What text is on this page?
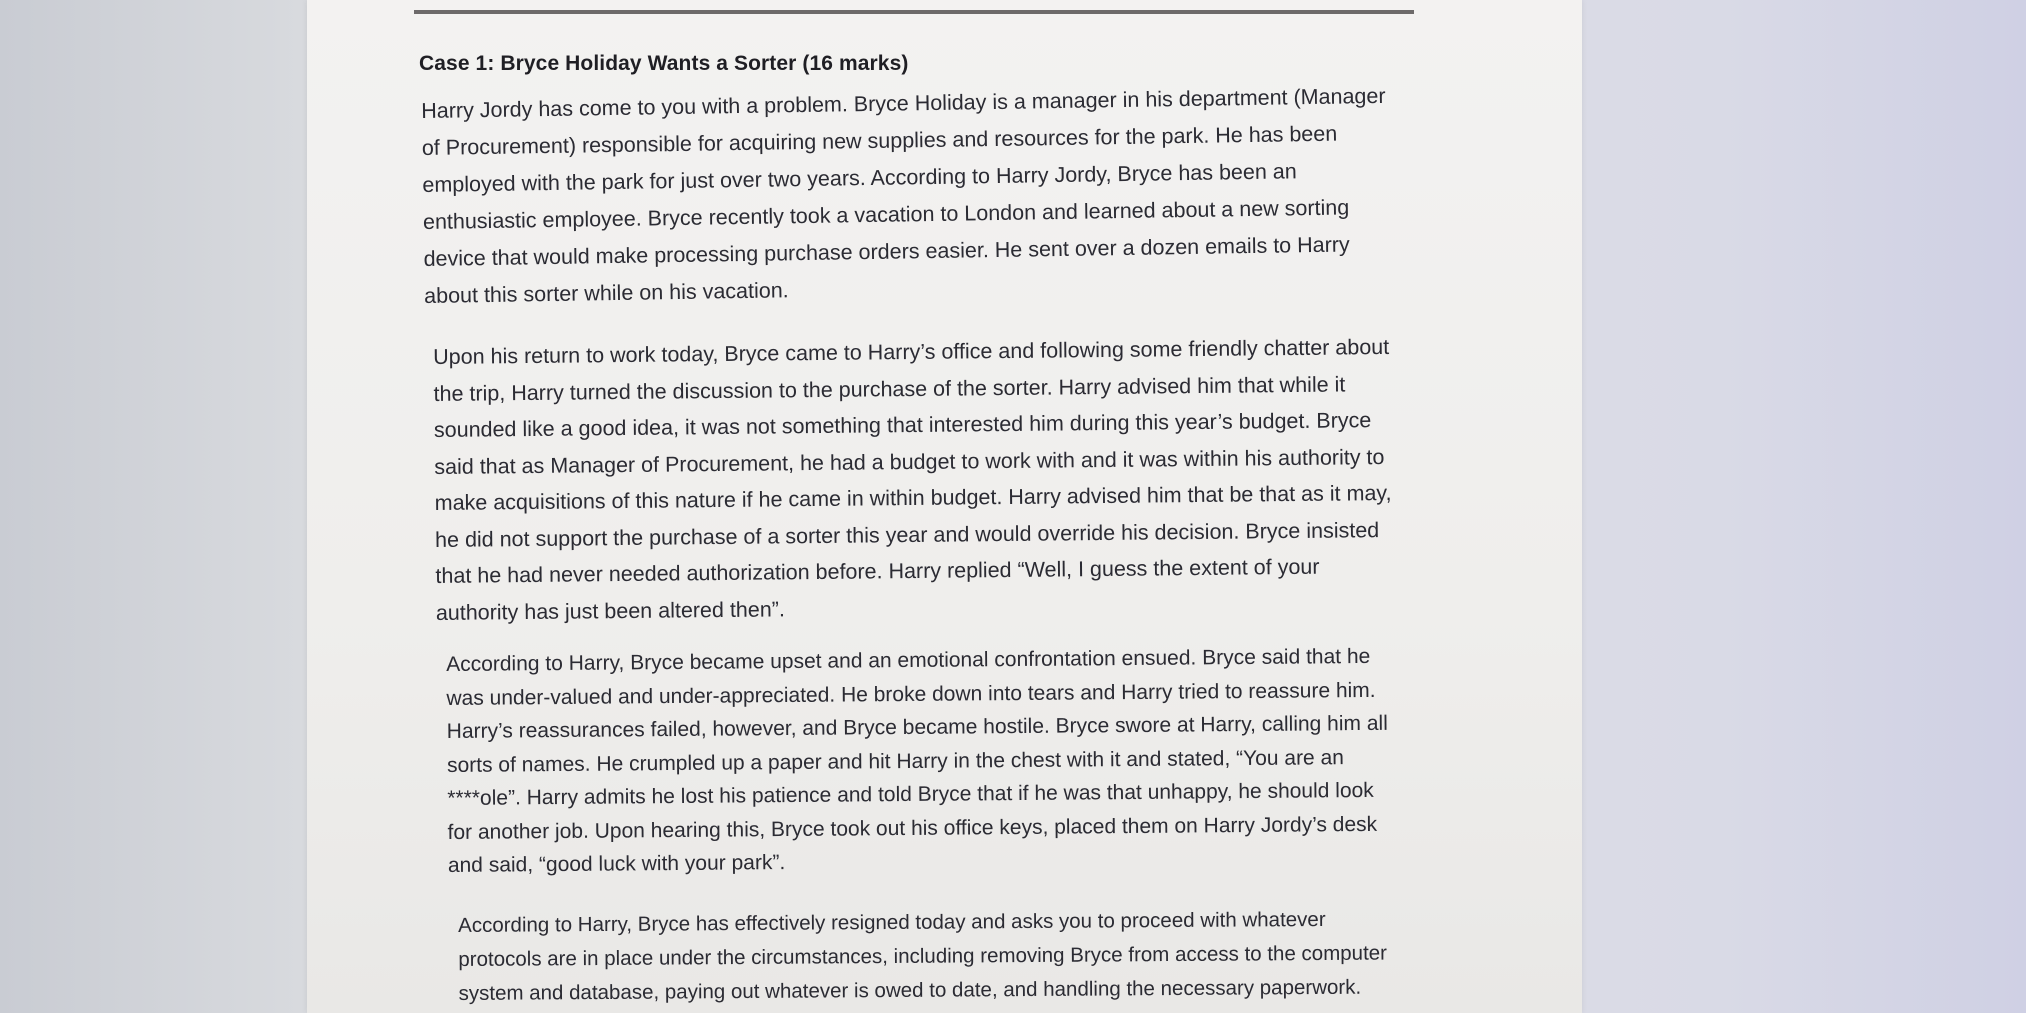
Case 1: Bryce Holiday Wants a Sorter (16 marks)

Harry Jordy has come to you with a problem. Bryce Holiday is a manager in his department (Manager
of Procurement) responsible for acquiring new supplies and resources for the park. He has been
employed with the park for just over two years. According to Harry Jordy, Bryce has been an
enthusiastic employee. Bryce recently took a vacation to London and learned about a new sorting
device that would make processing purchase orders easier. He sent over a dozen emails to Harry
about this sorter while on his vacation.

Upon his return to work today, Bryce came to Harry’s office and following some friendly chatter about
the trip, Harry turned the discussion to the purchase of the sorter. Harry advised him that while it
sounded like a good idea, it was not something that interested him during this year’s budget. Bryce
said that as Manager of Procurement, he had a budget to work with and it was within his authority to
make acquisitions of this nature if he came in within budget. Harry advised him that be that as it may,
he did not support the purchase of a sorter this year and would override his decision. Bryce insisted
that he had never needed authorization before. Harry replied “Well, I guess the extent of your
authority has just been altered then”.

According to Harry, Bryce became upset and an emotional confrontation ensued. Bryce said that he
was under-valued and under-appreciated. He broke down into tears and Harry tried to reassure him.
Harry’s reassurances failed, however, and Bryce became hostile. Bryce swore at Harry, calling him all
sorts of names. He crumpled up a paper and hit Harry in the chest with it and stated, “You are an
****ole”. Harry admits he lost his patience and told Bryce that if he was that unhappy, he should look
for another job. Upon hearing this, Bryce took out his office keys, placed them on Harry Jordy’s desk
and said, “good luck with your park”.

According to Harry, Bryce has effectively resigned today and asks you to proceed with whatever
protocols are in place under the circumstances, including removing Bryce from access to the computer
system and database, paying out whatever is owed to date, and handling the necessary paperwork.
